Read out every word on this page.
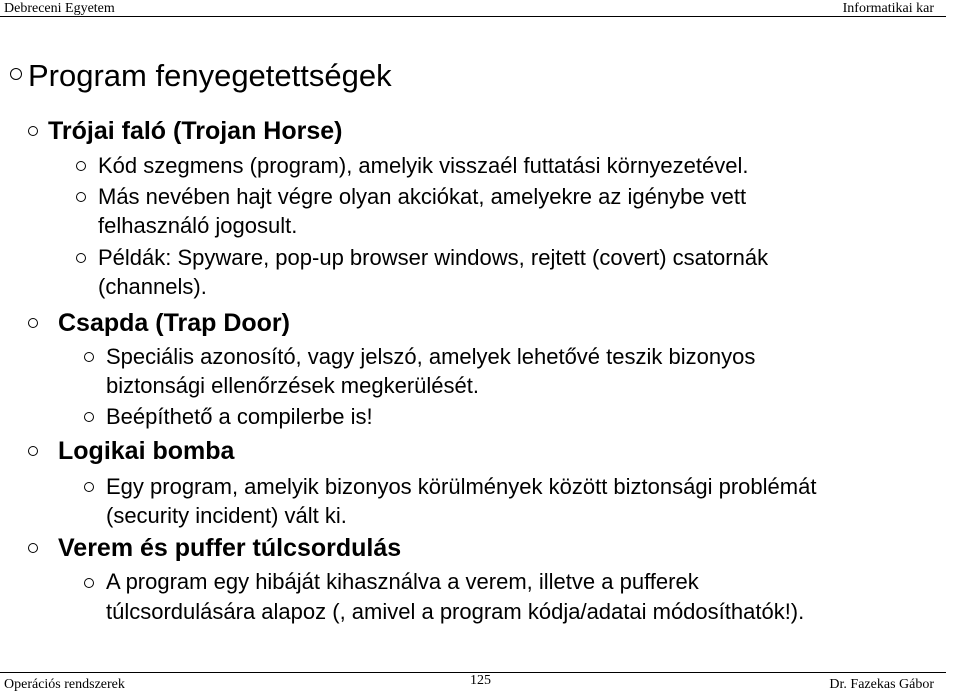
Debreceni Egyetem	Informatikai kar
Program fenyegetettségek
Trójai faló (Trojan Horse)
Kód szegmens (program), amelyik visszaél futtatási környezetével.
Más nevében hajt végre olyan akciókat, amelyekre az igénybe vett
felhasználó jogosult.
Példák: Spyware, pop-up browser windows, rejtett (covert) csatornák
(channels).
Csapda (Trap Door)
Speciális azonosító, vagy jelszó, amelyek lehetővé teszik bizonyos
biztonsági ellenőrzések megkerülését.
Beépíthető a compilerbe is!
Logikai bomba
Egy program, amelyik bizonyos körülmények között biztonsági problémát
(security incident) vált ki.
Verem és puffer túlcsordulás
A program egy hibáját kihasználva a verem, illetve a pufferek
túlcsordulására alapoz (, amivel a program kódja/adatai módosíthatók!).
Operációs rendszerek	125	Dr. Fazekas Gábor
